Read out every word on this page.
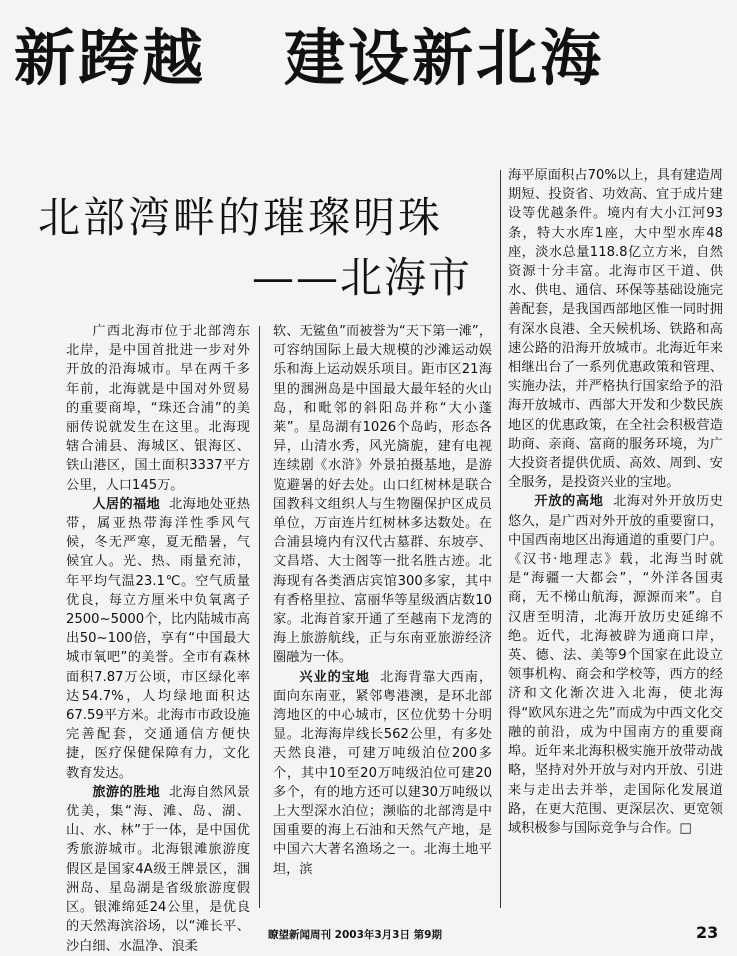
新跨越 建设新北海
北部湾畔的璀璨明珠
——北海市

广西北海市位于北部湾东北岸，是中国首批进一步对外开放的沿海城市。早在两千多年前，北海就是中国对外贸易的重要商埠，“珠还合浦”的美丽传说就发生在这里。北海现辖合浦县、海城区、银海区、铁山港区，国土面积3337平方公里，人口145万。

人居的福地 北海地处亚热带，属亚热带海洋性季风气候，冬无严寒，夏无酷暑，气候宜人。光、热、雨量充沛，年平均气温23.1℃。空气质量优良，每立方厘米中负氧离子2500~5000个，比内陆城市高出50~100倍，享有“中国最大城市氧吧”的美誉。全市有森林面积7.87万公顷，市区绿化率达54.7%，人均绿地面积达67.59平方米。北海市市政设施完善配套，交通通信方便快捷，医疗保健保障有力，文化教育发达。

旅游的胜地 北海自然风景优美，集“海、滩、岛、湖、山、水、林”于一体，是中国优秀旅游城市。北海银滩旅游度假区是国家4A级王牌景区，涠洲岛、星岛湖是省级旅游度假区。银滩绵延24公里，是优良的天然海滨浴场，以“滩长平、沙白细、水温净、浪柔

软、无鲨鱼”而被誉为“天下第一滩”，可容纳国际上最大规模的沙滩运动娱乐和海上运动娱乐项目。距市区21海里的涠洲岛是中国最大最年轻的火山岛，和毗邻的斜阳岛并称“大小蓬莱”。星岛湖有1026个岛屿，形态各异，山清水秀，风光旖旎，建有电视连续剧《水浒》外景拍摄基地，是游览避暑的好去处。山口红树林是联合国教科文组织人与生物圈保护区成员单位，万亩连片红树林多达数处。在合浦县境内有汉代古墓群、东坡亭、文昌塔、大士阁等一批名胜古迹。北海现有各类酒店宾馆300多家，其中有香格里拉、富丽华等星级酒店数10家。北海首家开通了至越南下龙湾的海上旅游航线，正与东南亚旅游经济圈融为一体。

兴业的宝地 北海背靠大西南，面向东南亚，紧邻粤港澳，是环北部湾地区的中心城市，区位优势十分明显。北海海岸线长562公里，有多处天然良港，可建万吨级泊位200多个，其中10至20万吨级泊位可建20多个，有的地方还可以建30万吨级以上大型深水泊位；濒临的北部湾是中国重要的海上石油和天然气产地，是中国六大著名渔场之一。北海土地平坦，滨

海平原面积占70%以上，具有建造周期短、投资省、功效高、宜于成片建设等优越条件。境内有大小江河93条，特大水库1座，大中型水库48座，淡水总量118.8亿立方米，自然资源十分丰富。北海市区干道、供水、供电、通信、环保等基础设施完善配套，是我国西部地区惟一同时拥有深水良港、全天候机场、铁路和高速公路的沿海开放城市。北海近年来相继出台了一系列优惠政策和管理、实施办法，并严格执行国家给予的沿海开放城市、西部大开发和少数民族地区的优惠政策，在全社会积极营造助商、亲商、富商的服务环境，为广大投资者提供优质、高效、周到、安全服务，是投资兴业的宝地。

开放的高地 北海对外开放历史悠久，是广西对外开放的重要窗口，中国西南地区出海通道的重要门户。《汉书·地理志》载，北海当时就是“海疆一大都会”，“外洋各国夷商，无不梯山航海，源源而来”。自汉唐至明清，北海开放历史延绵不绝。近代，北海被辟为通商口岸，英、德、法、美等9个国家在此设立领事机构、商会和学校等，西方的经济和文化渐次进入北海，使北海得“欧风东进之先”而成为中西文化交融的前沿，成为中国南方的重要商埠。近年来北海积极实施开放带动战略，坚持对外开放与对内开放、引进来与走出去并举，走国际化发展道路，在更大范围、更深层次、更宽领域积极参与国际竞争与合作。□

瞭望新闻周刊 2003年3月3日 第9期	23
